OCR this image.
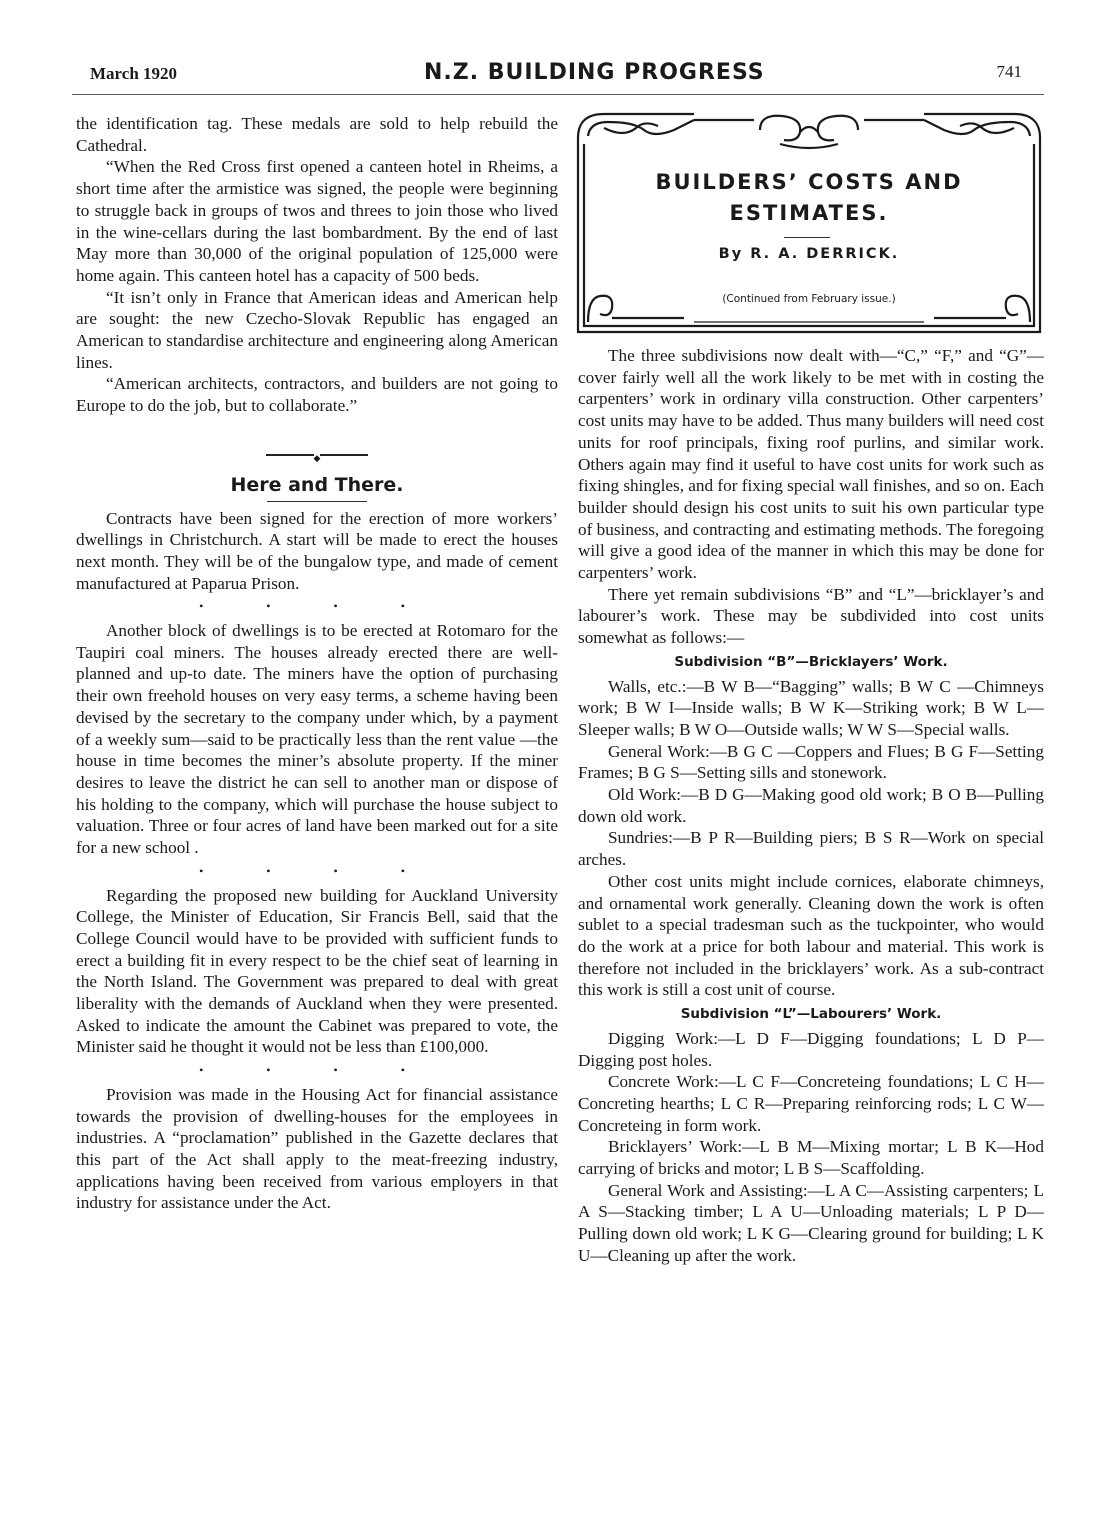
March 1920	N.Z. BUILDING PROGRESS	741

the identification tag. These medals are sold to help rebuild the Cathedral.

“When the Red Cross first opened a canteen hotel in Rheims, a short time after the armistice was signed, the people were beginning to struggle back in groups of twos and threes to join those who lived in the wine-cellars during the last bombardment. By the end of last May more than 30,000 of the original population of 125,000 were home again. This canteen hotel has a capacity of 500 beds.

“It isn’t only in France that American ideas and American help are sought: the new Czecho-Slovak Republic has engaged an American to standardise architecture and engineering along American lines.

“American architects, contractors, and builders are not going to Europe to do the job, but to collaborate.”

◆
Here and There.

Contracts have been signed for the erection of more workers’ dwellings in Christchurch. A start will be made to erect the houses next month. They will be of the bungalow type, and made of cement manufactured at Paparua Prison.

• • • •

Another block of dwellings is to be erected at Rotomaro for the Taupiri coal miners. The houses already erected there are well-planned and up-to date. The miners have the option of purchasing their own freehold houses on very easy terms, a scheme having been devised by the secretary to the company under which, by a payment of a weekly sum—said to be practically less than the rent value —the house in time becomes the miner’s absolute property. If the miner desires to leave the district he can sell to another man or dispose of his holding to the company, which will purchase the house subject to valuation. Three or four acres of land have been marked out for a site for a new school .

• • • •

Regarding the proposed new building for Auckland University College, the Minister of Education, Sir Francis Bell, said that the College Council would have to be provided with sufficient funds to erect a building fit in every respect to be the chief seat of learning in the North Island. The Government was prepared to deal with great liberality with the demands of Auckland when they were presented. Asked to indicate the amount the Cabinet was prepared to vote, the Minister said he thought it would not be less than £100,000.

• • • •

Provision was made in the Housing Act for financial assistance towards the provision of dwelling-houses for the employees in industries. A “proclamation” published in the Gazette declares that this part of the Act shall apply to the meat-freezing industry, applications having been received from various employers in that industry for assistance under the Act.

BUILDERS’ COSTS AND
ESTIMATES.
By R. A. DERRICK.
(Continued from February issue.)

The three subdivisions now dealt with—“C,” “F,” and “G”—cover fairly well all the work likely to be met with in costing the carpenters’ work in ordinary villa construction. Other carpenters’ cost units may have to be added. Thus many builders will need cost units for roof principals, fixing roof purlins, and similar work. Others again may find it useful to have cost units for work such as fixing shingles, and for fixing special wall finishes, and so on. Each builder should design his cost units to suit his own particular type of business, and contracting and estimating methods. The foregoing will give a good idea of the manner in which this may be done for carpenters’ work.

There yet remain subdivisions “B” and “L”—bricklayer’s and labourer’s work. These may be subdivided into cost units somewhat as follows:—

Subdivision “B”—Bricklayers’ Work.

Walls, etc.:—B W B—“Bagging” walls; B W C —Chimneys work; B W I—Inside walls; B W K—Striking work; B W L—Sleeper walls; B W O—Outside walls; W W S—Special walls.

General Work:—B G C —Coppers and Flues; B G F—Setting Frames; B G S—Setting sills and stonework.

Old Work:—B D G—Making good old work; B O B—Pulling down old work.

Sundries:—B P R—Building piers; B S R—Work on special arches.

Other cost units might include cornices, elaborate chimneys, and ornamental work generally. Cleaning down the work is often sublet to a special tradesman such as the tuckpointer, who would do the work at a price for both labour and material. This work is therefore not included in the bricklayers’ work. As a sub-contract this work is still a cost unit of course.

Subdivision “L”—Labourers’ Work.

Digging Work:—L D F—Digging foundations; L D P—Digging post holes.

Concrete Work:—L C F—Concreteing foundations; L C H—Concreting hearths; L C R—Preparing reinforcing rods; L C W—Concreteing in form work.

Bricklayers’ Work:—L B M—Mixing mortar; L B K—Hod carrying of bricks and motor; L B S—Scaffolding.

General Work and Assisting:—L A C—Assisting carpenters; L A S—Stacking timber; L A U—Unloading materials; L P D—Pulling down old work; L K G—Clearing ground for building; L K U—Cleaning up after the work.
